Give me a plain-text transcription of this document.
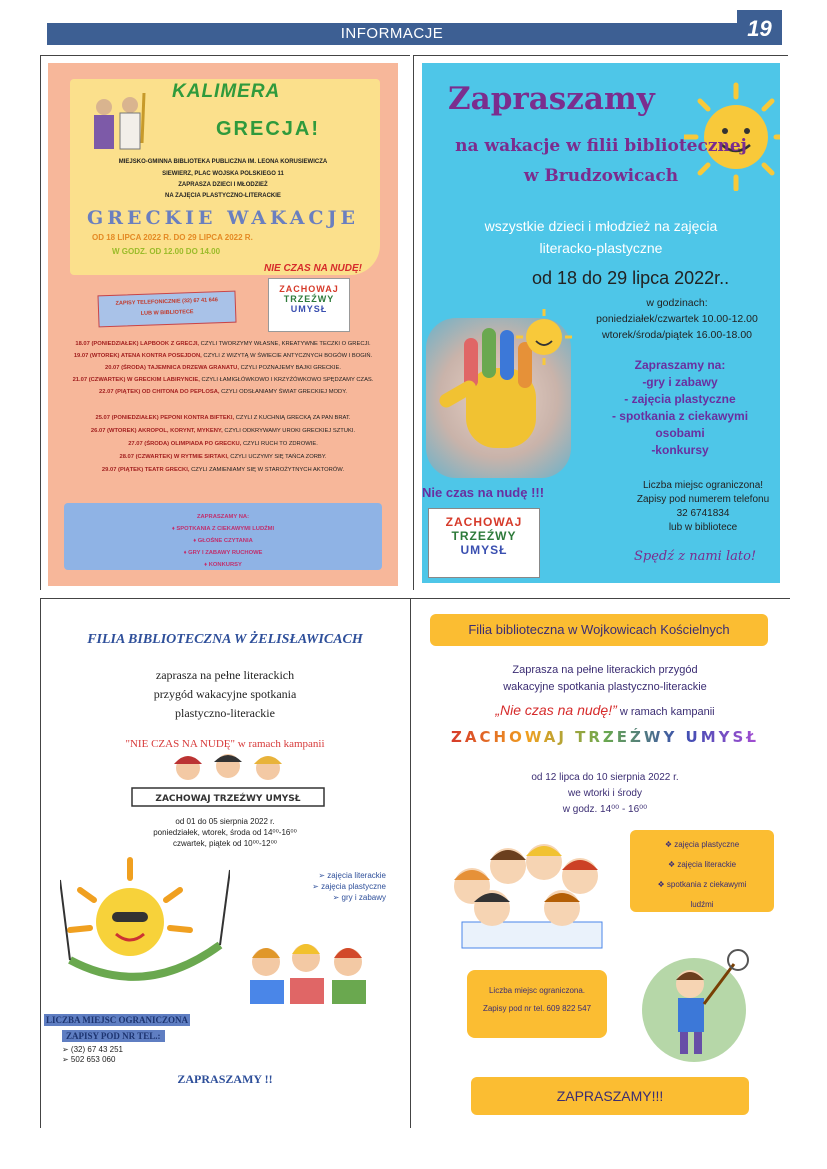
INFORMACJE	19
KALIMERA
GRECJA!
MIEJSKO-GMINNA BIBLIOTEKA PUBLICZNA IM. LEONA KORUSIEWICZA
SIEWIERZ, PLAC WOJSKA POLSKIEGO 11
ZAPRASZA DZIECI I MŁODZIEŻ
NA ZAJĘCIA PLASTYCZNO-LITERACKIE
GRECKIE WAKACJE
OD 18 LIPCA 2022 R. DO 29 LIPCA 2022 R.
W GODZ. OD 12.00 DO 14.00
NIE CZAS NA NUDĘ!
ZAPISY TELEFONICZNIE (32) 67 41 646
LUB W BIBLIOTECE
ZACHOWAJ
TRZEŹWY
UMYSŁ
18.07 (PONIEDZIAŁEK) LAPBOOK Z GRECJI, CZYLI TWORZYMY WŁASNE, KREATYWNE TECZKI O GRECJI.
19.07 (WTOREK) ATENA KONTRA POSEJDON, CZYLI Z WIZYTĄ W ŚWIECIE ANTYCZNYCH BOGÓW I BOGIŃ.
20.07 (ŚRODA) TAJEMNICA DRZEWA GRANATU, CZYLI POZNAJEMY BAJKI GRECKIE.
21.07 (CZWARTEK) W GRECKIM LABIRYNCIE, CZYLI ŁAMIGŁÓWKOWO I KRZYŻÓWKOWO SPĘDZAMY CZAS.
22.07 (PIĄTEK) OD CHITONA DO PEPLOSA, CZYLI ODSŁANIAMY ŚWIAT GRECKIEJ MODY.
25.07 (PONIEDZIAŁEK) PEPONI KONTRA BIFTEKI, CZYLI Z KUCHNIĄ GRECKĄ ZA PAN BRAT.
26.07 (WTOREK) AKROPOL, KORYNT, MYKENY, CZYLI ODKRYWAMY UROKI GRECKIEJ SZTUKI.
27.07 (ŚRODA) OLIMPIADA PO GRECKU, CZYLI RUCH TO ZDROWIE.
28.07 (CZWARTEK) W RYTMIE SIRTAKI, CZYLI UCZYMY SIĘ TAŃCA ZORBY.
29.07 (PIĄTEK) TEATR GRECKI, CZYLI ZAMIENIAMY SIĘ W STAROŻYTNYCH AKTORÓW.
ZAPRASZAMY NA:
♦ SPOTKANIA Z CIEKAWYMI LUDŹMI
♦ GŁOŚNE CZYTANIA
♦ GRY I ZABAWY RUCHOWE
♦ KONKURSY
Zapraszamy
na wakacje w filii bibliotecznej
w Brudzowicach
wszystkie dzieci i młodzież na zajęcia
literacko-plastyczne
od 18 do 29 lipca 2022r..
w godzinach:
poniedziałek/czwartek 10.00-12.00
wtorek/środa/piątek 16.00-18.00
Zapraszamy na:
-gry i zabawy
- zajęcia plastyczne
- spotkania z ciekawymi
osobami
-konkursy
Nie czas na nudę !!!	Liczba miejsc ograniczona!
Zapisy pod numerem telefonu
32 6741834
lub w bibliotece
ZACHOWAJ
TRZEŹWY
UMYSŁ	Spędź z nami lato!
FILIA BIBLIOTECZNA W ŻELISŁAWICACH
zaprasza na pełne literackich
przygód wakacyjne spotkania
plastyczno-literackie
"NIE CZAS NA NUDĘ" w ramach kampanii
ZACHOWAJ TRZEŹWY UMYSŁ
od 01 do 05 sierpnia 2022 r.
poniedziałek, wtorek, środa od 14⁰⁰-16⁰⁰
czwartek, piątek od 10⁰⁰-12⁰⁰
➢ zajęcia literackie
➢ zajęcia plastyczne
➢ gry i zabawy
LICZBA MIEJSC OGRANICZONA
ZAPISY POD NR TEL.:
➢ (32) 67 43 251
➢ 502 653 060
ZAPRASZAMY !!
Filia biblioteczna w Wojkowicach Kościelnych
Zaprasza na pełne literackich przygód
wakacyjne spotkania plastyczno-literackie
„Nie czas na nudę!” w ramach kampanii
ZACHOWAJ TRZEŹWY UMYSŁ
od 12 lipca do 10 sierpnia 2022 r.
we wtorki i środy
w godz. 14⁰⁰ - 16⁰⁰
❖ zajęcia plastyczne
❖ zajęcia literackie
❖ spotkania z ciekawymi
ludźmi
Liczba miejsc ograniczona.
Zapisy pod nr tel. 609 822 547
ZAPRASZAMY!!!
